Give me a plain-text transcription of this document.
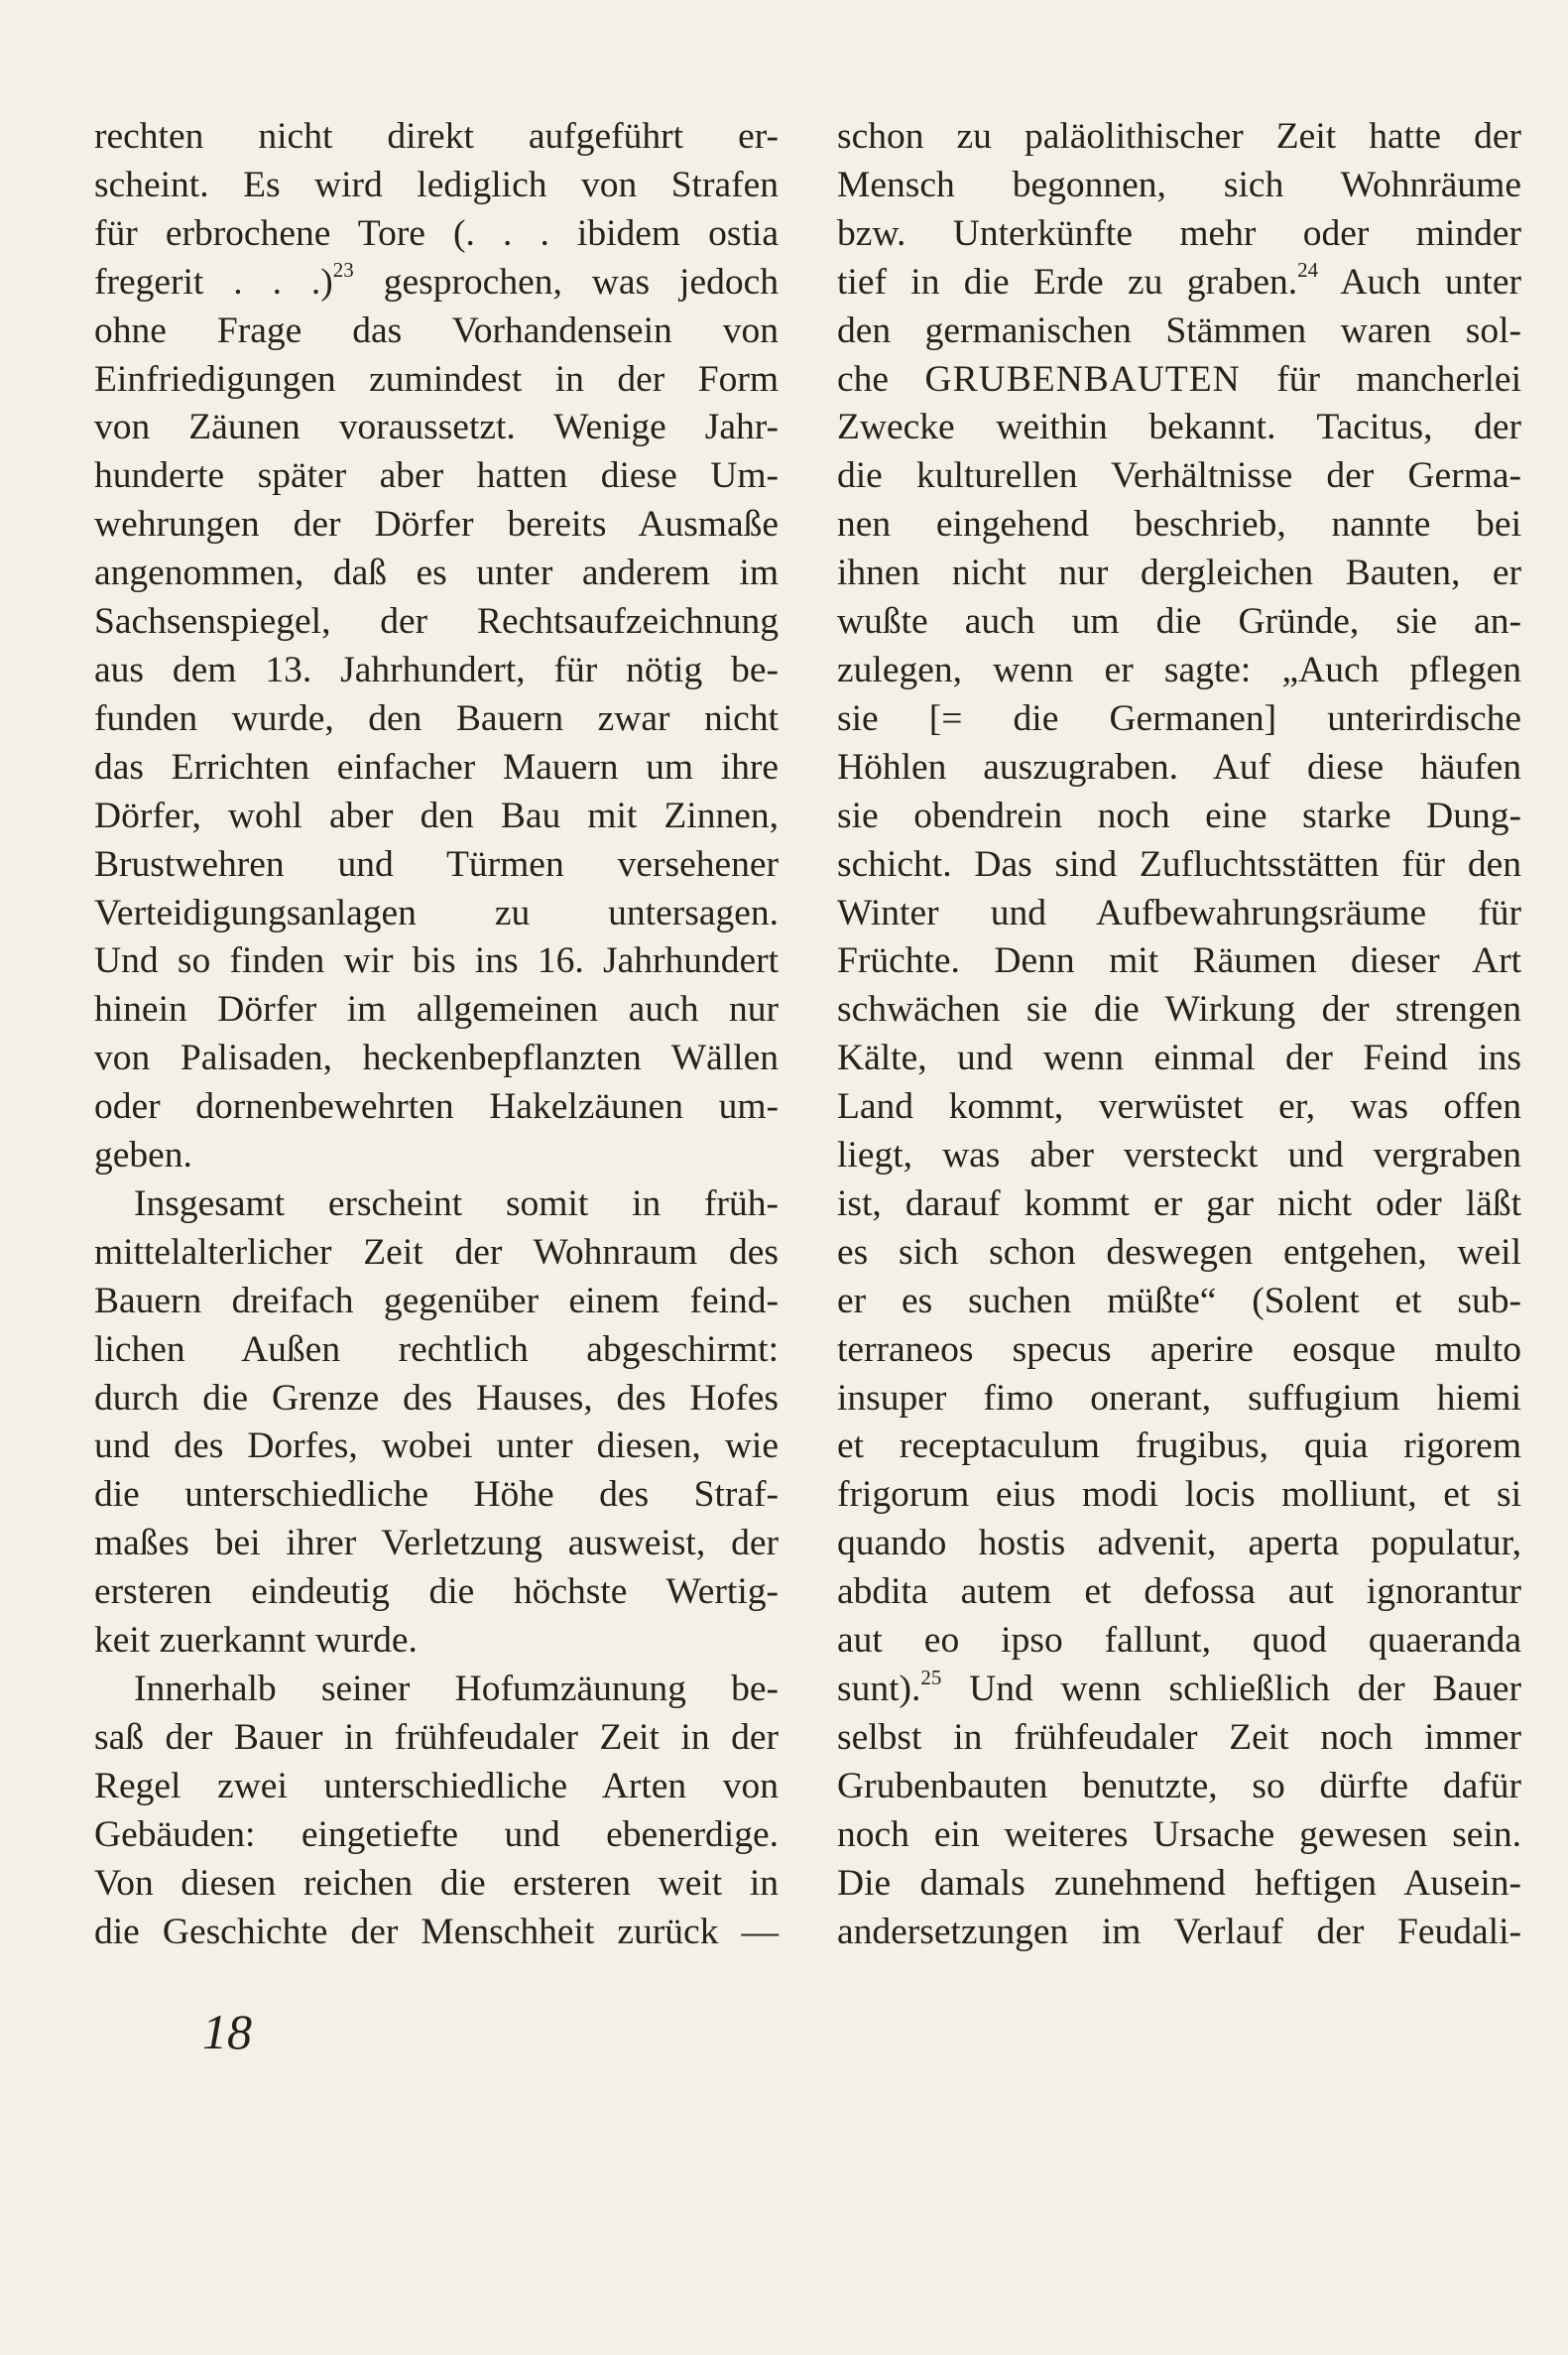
rechten nicht direkt aufgeführt er-

scheint. Es wird lediglich von Strafen

für erbrochene Tore (. . . ibidem ostia

fregerit . . .)$^{23}$ gesprochen, was jedoch

ohne Frage das Vorhandensein von

Einfriedigungen zumindest in der Form

von Zäunen voraussetzt. Wenige Jahr-

hunderte später aber hatten diese Um-

wehrungen der Dörfer bereits Ausmaße

angenommen, daß es unter anderem im

Sachsenspiegel, der Rechtsaufzeichnung

aus dem 13. Jahrhundert, für nötig be-

funden wurde, den Bauern zwar nicht

das Errichten einfacher Mauern um ihre

Dörfer, wohl aber den Bau mit Zinnen,

Brustwehren und Türmen versehener

Verteidigungsanlagen zu untersagen.

Und so finden wir bis ins 16. Jahrhundert

hinein Dörfer im allgemeinen auch nur

von Palisaden, heckenbepflanzten Wällen

oder dornenbewehrten Hakelzäunen um-

geben.

Insgesamt erscheint somit in früh-

mittelalterlicher Zeit der Wohnraum des

Bauern dreifach gegenüber einem feind-

lichen Außen rechtlich abgeschirmt:

durch die Grenze des Hauses, des Hofes

und des Dorfes, wobei unter diesen, wie

die unterschiedliche Höhe des Straf-

maßes bei ihrer Verletzung ausweist, der

ersteren eindeutig die höchste Wertig-

keit zuerkannt wurde.

Innerhalb seiner Hofumzäunung be-

saß der Bauer in frühfeudaler Zeit in der

Regel zwei unterschiedliche Arten von

Gebäuden: eingetiefte und ebenerdige.

Von diesen reichen die ersteren weit in

die Geschichte der Menschheit zurück —

schon zu paläolithischer Zeit hatte der

Mensch begonnen, sich Wohnräume

bzw. Unterkünfte mehr oder minder

tief in die Erde zu graben.$^{24}$ Auch unter

den germanischen Stämmen waren sol-

che GRUBENBAUTEN für mancherlei

Zwecke weithin bekannt. Tacitus, der

die kulturellen Verhältnisse der Germa-

nen eingehend beschrieb, nannte bei

ihnen nicht nur dergleichen Bauten, er

wußte auch um die Gründe, sie an-

zulegen, wenn er sagte: „Auch pflegen

sie [= die Germanen] unterirdische

Höhlen auszugraben. Auf diese häufen

sie obendrein noch eine starke Dung-

schicht. Das sind Zufluchtsstätten für den

Winter und Aufbewahrungsräume für

Früchte. Denn mit Räumen dieser Art

schwächen sie die Wirkung der strengen

Kälte, und wenn einmal der Feind ins

Land kommt, verwüstet er, was offen

liegt, was aber versteckt und vergraben

ist, darauf kommt er gar nicht oder läßt

es sich schon deswegen entgehen, weil

er es suchen müßte“ (Solent et sub-

terraneos specus aperire eosque multo

insuper fimo onerant, suffugium hiemi

et receptaculum frugibus, quia rigorem

frigorum eius modi locis molliunt, et si

quando hostis advenit, aperta populatur,

abdita autem et defossa aut ignorantur

aut eo ipso fallunt, quod quaeranda

sunt).$^{25}$ Und wenn schließlich der Bauer

selbst in frühfeudaler Zeit noch immer

Grubenbauten benutzte, so dürfte dafür

noch ein weiteres Ursache gewesen sein.

Die damals zunehmend heftigen Ausein-

andersetzungen im Verlauf der Feudali-

18
